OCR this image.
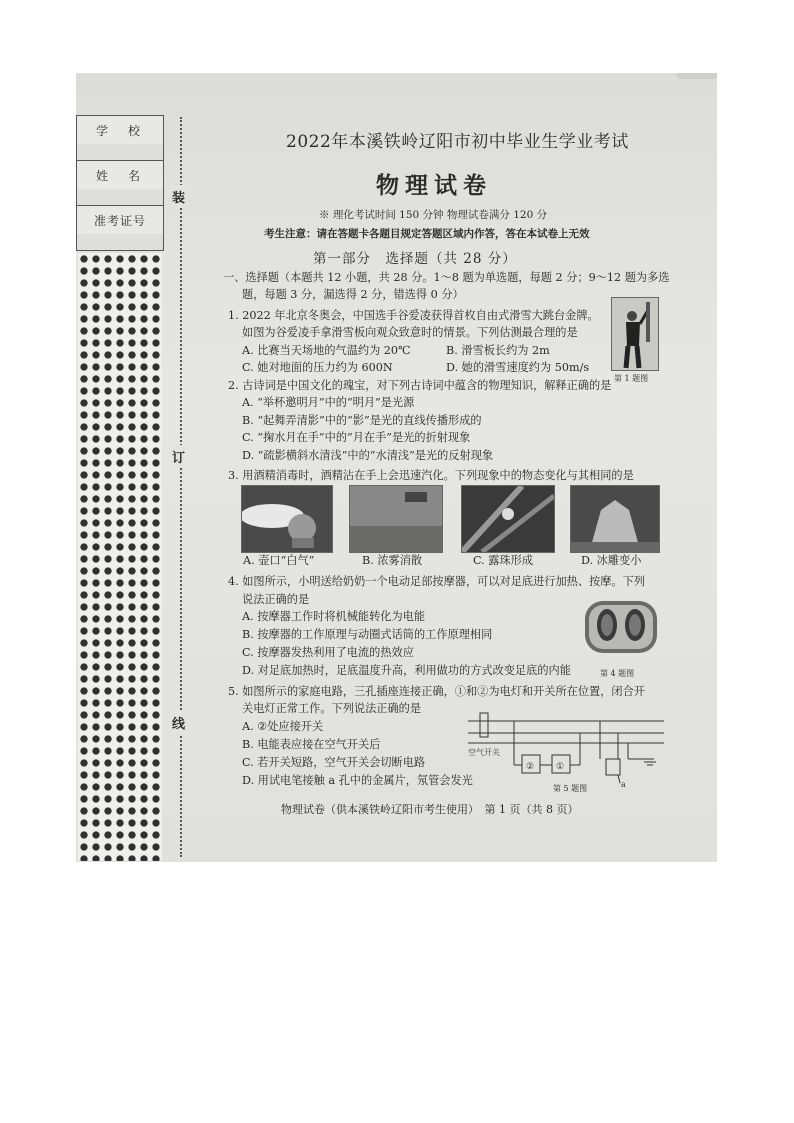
学　校
姓　名
准考证号
装
订
线
2022年本溪铁岭辽阳市初中毕业生学业考试
物理试卷
※ 理化考试时间 150 分钟 物理试卷满分 120 分
考生注意：请在答题卡各题目规定答题区域内作答，答在本试卷上无效
第一部分　选择题（共 28 分）
一、选择题（本题共 12 小题，共 28 分。1～8 题为单选题，每题 2 分；9～12 题为多选
题，每题 3 分，漏选得 2 分，错选得 0 分）
1. 2022 年北京冬奥会，中国选手谷爱凌获得首枚自由式滑雪大跳台金牌。
如图为谷爱凌手拿滑雪板向观众致意时的情景。下列估测最合理的是
A. 比赛当天场地的气温约为 20℃	B. 滑雪板长约为 2m
C. 她对地面的压力约为 600N	D. 她的滑雪速度约为 50m/s
第 1 题图
2. 古诗词是中国文化的瑰宝，对下列古诗词中蕴含的物理知识，解释正确的是
A. “举杯邀明月”中的“明月”是光源
B. “起舞弄清影”中的“影”是光的直线传播形成的
C. “掬水月在手”中的“月在手”是光的折射现象
D. “疏影横斜水清浅”中的“水清浅”是光的反射现象
3. 用酒精消毒时，酒精沾在手上会迅速汽化。下列现象中的物态变化与其相同的是
A. 壶口“白气”	B. 浓雾消散	C. 露珠形成	D. 冰雕变小
4. 如图所示，小明送给奶奶一个电动足部按摩器，可以对足底进行加热、按摩。下列
说法正确的是
A. 按摩器工作时将机械能转化为电能
B. 按摩器的工作原理与动圈式话筒的工作原理相同
C. 按摩器发热利用了电流的热效应
D. 对足底加热时，足底温度升高，利用做功的方式改变足底的内能	第 4 题图
5. 如图所示的家庭电路，三孔插座连接正确，①和②为电灯和开关所在位置，闭合开
关电灯正常工作。下列说法正确的是
A. ②处应接开关
B. 电能表应接在空气开关后
C. 若开关短路，空气开关会切断电路
D. 用试电笔接触 a 孔中的金属片，氖管会发光
空气开关
② ①
a
第 5 题图
物理试卷（供本溪铁岭辽阳市考生使用）　第 1 页（共 8 页）
